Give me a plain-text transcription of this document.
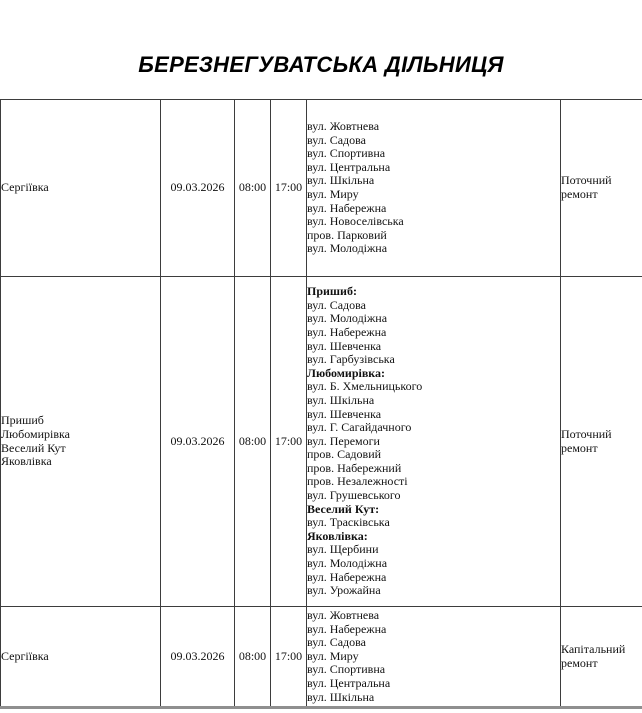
БЕРЕЗНЕГУВАТСЬКА ДІЛЬНИЦЯ
Сергіївка	09.03.2026	08:00	17:00	
вул. Жовтнева
вул. Садова
вул. Спортивна
вул. Центральна
вул. Шкільна
вул. Миру
вул. Набережна
вул. Новоселівська
пров. Парковий
вул. Молодіжна
	Поточний ремонт

Пришиб
Любомирівка
Веселий Кут
Яковлівка
	09.03.2026	08:00	17:00	
Пришиб:
вул. Садова
вул. Молодіжна
вул. Набережна
вул. Шевченка
вул. Гарбузівська
Любомирівка:
вул. Б. Хмельницького
вул. Шкільна
вул. Шевченка
вул. Г. Сагайдачного
вул. Перемоги
пров. Садовий
пров. Набережний
пров. Незалежності
вул. Грушевського
Веселий Кут:
вул. Трасківська
Яковлівка:
вул. Щербини
вул. Молодіжна
вул. Набережна
вул. Урожайна
	Поточний ремонт

Сергіївка	09.03.2026	08:00	17:00	
вул. Жовтнева
вул. Набережна
вул. Садова
вул. Миру
вул. Спортивна
вул. Центральна
вул. Шкільна
	Капітальний ремонт
